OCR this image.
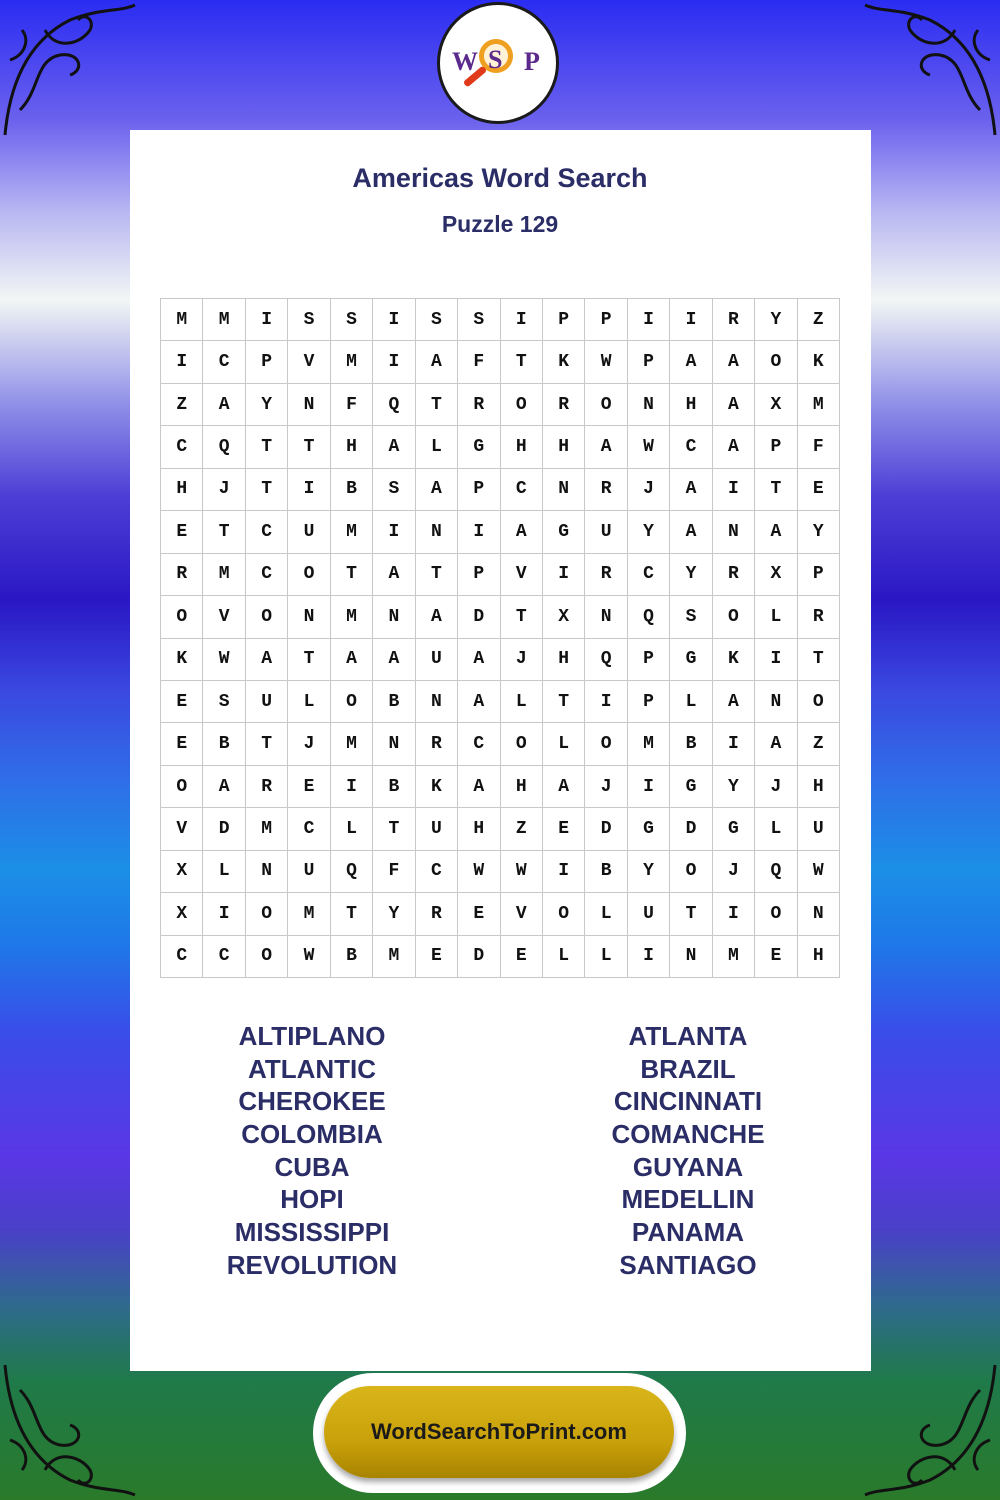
W S P
Americas Word Search
Puzzle 129
M	M	I	S	S	I	S	S	I	P	P	I	I	R	Y	Z
I	C	P	V	M	I	A	F	T	K	W	P	A	A	O	K
Z	A	Y	N	F	Q	T	R	O	R	O	N	H	A	X	M
C	Q	T	T	H	A	L	G	H	H	A	W	C	A	P	F
H	J	T	I	B	S	A	P	C	N	R	J	A	I	T	E
E	T	C	U	M	I	N	I	A	G	U	Y	A	N	A	Y
R	M	C	O	T	A	T	P	V	I	R	C	Y	R	X	P
O	V	O	N	M	N	A	D	T	X	N	Q	S	O	L	R
K	W	A	T	A	A	U	A	J	H	Q	P	G	K	I	T
E	S	U	L	O	B	N	A	L	T	I	P	L	A	N	O
E	B	T	J	M	N	R	C	O	L	O	M	B	I	A	Z
O	A	R	E	I	B	K	A	H	A	J	I	G	Y	J	H
V	D	M	C	L	T	U	H	Z	E	D	G	D	G	L	U
X	L	N	U	Q	F	C	W	W	I	B	Y	O	J	Q	W
X	I	O	M	T	Y	R	E	V	O	L	U	T	I	O	N
C	C	O	W	B	M	E	D	E	L	L	I	N	M	E	H
ALTIPLANO
ATLANTIC
CHEROKEE
COLOMBIA
CUBA
HOPI
MISSISSIPPI
REVOLUTION
ATLANTA
BRAZIL
CINCINNATI
COMANCHE
GUYANA
MEDELLIN
PANAMA
SANTIAGO
WordSearchToPrint.com
